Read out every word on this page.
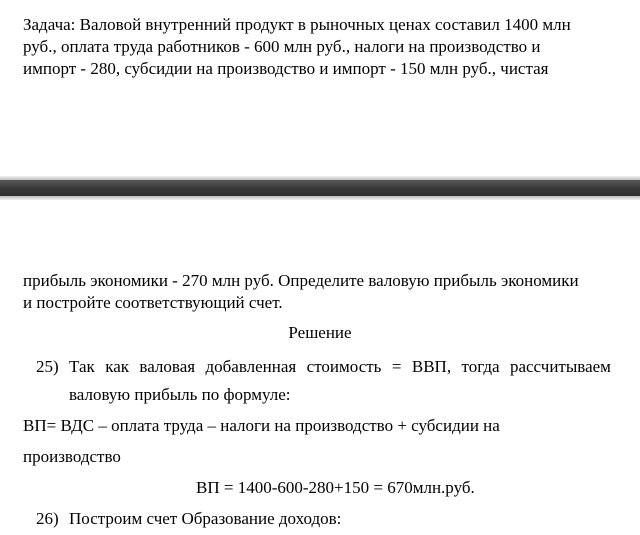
Задача: Валовой внутренний продукт в рыночных ценах составил 1400 млн
руб., оплата труда работников - 600 млн руб., налоги на производство и
импорт - 280, субсидии на производство и импорт - 150 млн руб., чистая
прибыль экономики - 270 млн руб. Определите валовую прибыль экономики
и постройте соответствующий счет.
Решение
25) Так как валовая добавленная стоимость = ВВП, тогда рассчитываем
валовую прибыль по формуле:
ВП= ВДС – оплата труда – налоги на производство + субсидии на
производство
ВП = 1400-600-280+150 = 670млн.руб.
26) Построим счет Образование доходов:
